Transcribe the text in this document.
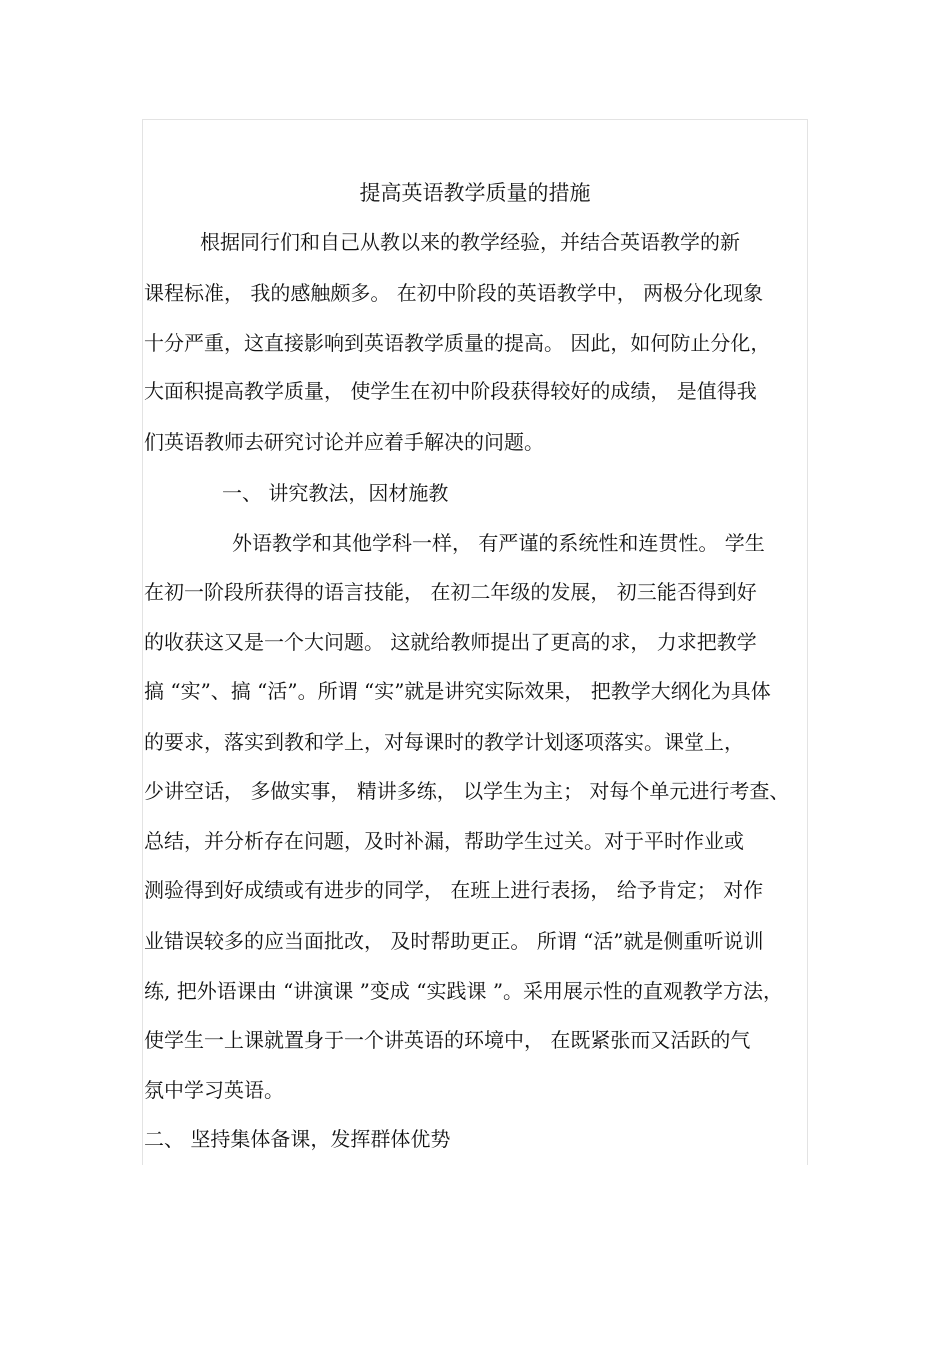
提高英语教学质量的措施
根据同行们和自己从教以来的教学经验，并结合英语教学的新
课程标准， 我的感触颇多。 在初中阶段的英语教学中， 两极分化现象
十分严重，这直接影响到英语教学质量的提高。 因此，如何防止分化，
大面积提高教学质量， 使学生在初中阶段获得较好的成绩， 是值得我
们英语教师去研究讨论并应着手解决的问题。
一、 讲究教法，因材施教
外语教学和其他学科一样， 有严谨的系统性和连贯性。 学生
在初一阶段所获得的语言技能， 在初二年级的发展， 初三能否得到好
的收获这又是一个大问题。 这就给教师提出了更高的求， 力求把教学
搞 “实”、搞 “活”。所谓 “实”就是讲究实际效果， 把教学大纲化为具体
的要求，落实到教和学上，对每课时的教学计划逐项落实。课堂上，
少讲空话， 多做实事， 精讲多练， 以学生为主； 对每个单元进行考查、
总结，并分析存在问题，及时补漏，帮助学生过关。对于平时作业或
测验得到好成绩或有进步的同学， 在班上进行表扬， 给予肯定； 对作
业错误较多的应当面批改， 及时帮助更正。 所谓 “活”就是侧重听说训
练, 把外语课由 “讲演课 ”变成 “实践课 ”。采用展示性的直观教学方法，
使学生一上课就置身于一个讲英语的环境中， 在既紧张而又活跃的气
氛中学习英语。
二、 坚持集体备课，发挥群体优势
